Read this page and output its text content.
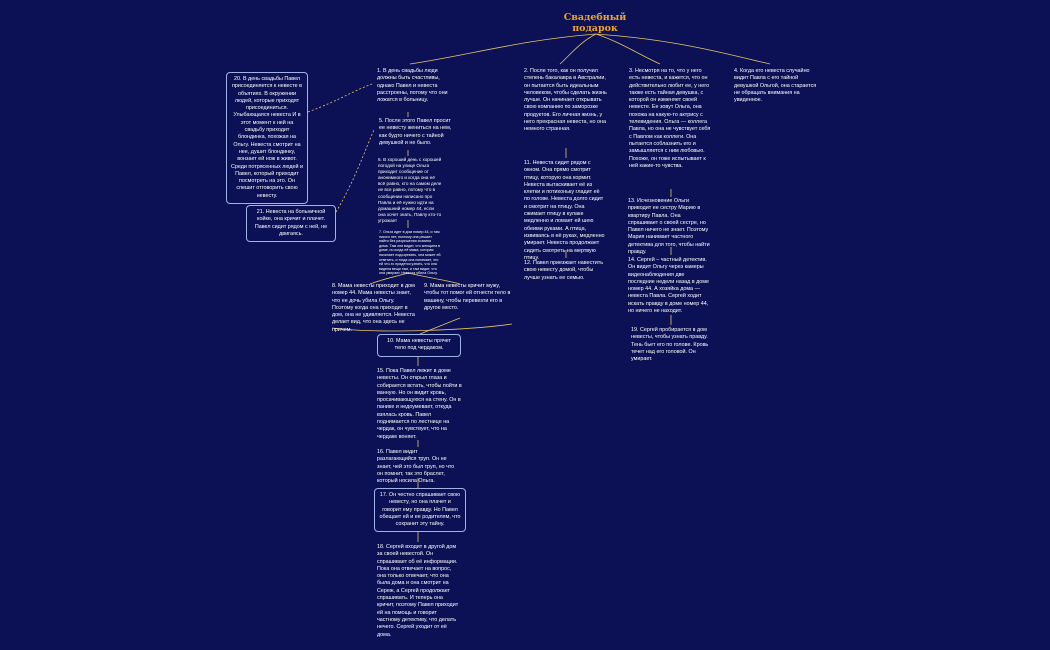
Свадебный подарок
1. В день свадьбы люди должны быть счастливы, однако Павел и невеста расстроены, потому что они ложатся в больницу.
5. После этого Павел просит ее невесту жениться на нем, как будто ничего с тайной девушкой и не было.
6. В хороший день с хорошей погодой на улице Ольга приходит сообщение от анонимного и когда она её всё равно, кто на самом деле не все равно, потому что в сообщении написано про Павла и её нужно идти на домашний номер 44, если она хочет знать, Павлу кто-то угрожает
7. Ольга идет в дом номер 44, и там никого нет, поэтому она решает найти без разрешения хозяина дома. Там она видит, что женщина в доме, но когда её мама, которая начинает подозревать, она может ей ответить, и тогда она понимает, что ей что-то придется узнать, что она видела вещи там, и там видит, что она умирает. Невеста убила Ольгу.
8. Мама невесты приходит в дом номер 44. Мама невесты знает, что ее дочь убила Ольгу. Поэтому когда она приходит в дом, она не удивляется. Невеста делает вид, что она здесь не причем.
9. Мама невесты кричит мужу, чтобы тот помог ей отнести тело в машину, чтобы перевезти его в другое место.
10. Мама невесты прячет тело под чердаком.
15. Пока Павел лежит в доме невесты. Он открыл глаза и собирается встать, чтобы пойти в ванную. Но он видит кровь, просачивающуюся на стену. Он в панике и недоумевает, откуда взялась кровь. Павел поднимается по лестнице на чердак, он чувствует, что на чердаке воняет.
16. Павел видит разлагающийся труп. Он не знает, чей это был труп, но что он помнит, так это браслет, который носила Ольга.
17. Он честно спрашивает свою невесту, но она плачет и говорит ему правду. Но Павел обещает ей и ее родителям, что сохранит эту тайну.
18. Сергей входит в другой дом за своей невестой. Он спрашивает об её информации. Пока она отвечает на вопрос, она только отвечает, что она была дома и она смотрит на Сереж, а Сергей продолжает спрашивать. И теперь она кричит, поэтому Павел приходит ей на помощь и говорит частному детективу, что делать нечего. Сергей уходит от её дома.
2. После того, как он получил степень бакалавра в Австралии, он пытается быть идеальным человеком, чтобы сделать жизнь лучше. Он начинает открывать свою компанию по заморозке продуктов. Его личная жизнь, у него прекрасная невеста, но она немного странная.
11. Невеста сидит рядом с окном. Она прямо смотрит птицу, которую она кормит. Невеста вытаскивает её из клетки и потихоньку гладит её по голове. Невеста долго сидит и смотрит на птицу. Она сжимает птицу в кулаке медленно и ломает ей шею обеими руками. А птица, извиваясь в её руках, медленно умирает. Невеста продолжает сидеть смотреть на мертвую птицу.
12. Павел приезжает навестить свою невесту домой, чтобы лучше узнать ее семью.
3. Несмотря на то, что у него есть невеста, и кажется, что он действительно любит ее, у него также есть тайная девушка, с которой он изменяет своей невесте. Ее зовут Ольга, она похожа на какую-то актрису с телевидения. Ольга — коллега Павла, но она не чувствует себя с Павлом как коллеги. Она пытается соблазнить его и замышляется с ним любовью. Похоже, он тоже испытывает к ней какие-то чувства.
13. Исчезновение Ольги приводит ее сестру Марию в квартиру Павла. Она спрашивает о своей сестре, но Павел ничего не знает. Поэтому Мария нанимает частного детектива для того, чтобы найти правду.
14. Сергей – частный детектив. Он видит Ольгу через камеры видеонаблюдения две последние недели назад в доме номер 44. А хозяйка дома — невеста Павла. Сергей ходит искать правду в доме номер 44, но ничего не находит.
19. Сергей пробирается в дом невесты, чтобы узнать правду. Тень бьет его по голове. Кровь течет над его головой. Он умирает.
4. Когда его невеста случайно видит Павла с его тайной девушкой Ольгой, она старается не обращать внимания на увиденное.
20. В день свадьбы Павел присоединяется к невесте в объятиях. В окружении людей, которые приходят присоединиться. Улыбающаяся невеста И в этот момент к ней на свадьбу приходит блондинка, похожая на Ольгу. Невеста смотрит на нее, душит блондинку, вонзает ей нож в живот. Среди потрясенных людей и Павел, который приходит посмотреть на это. Он спешит отговорить свою невесту.
21. Невеста на больничной койке, она кричит и плачет. Павел сидит рядом с ней, не двигаясь.
